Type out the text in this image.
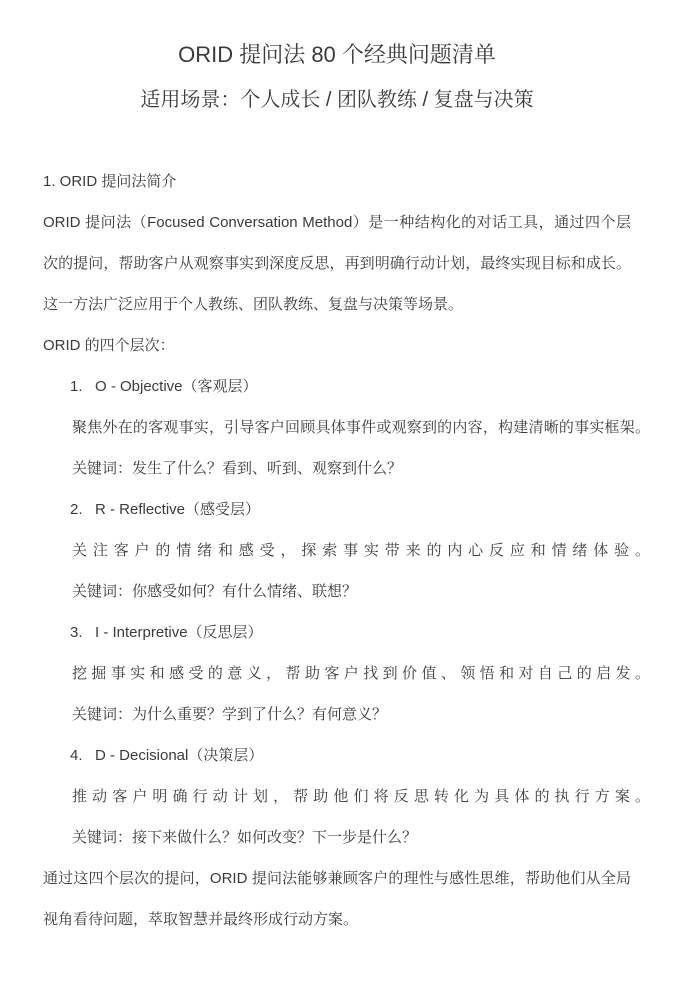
ORID 提问法 80 个经典问题清单
适用场景：个人成长 / 团队教练 / 复盘与决策
1. ORID 提问法简介
ORID 提问法（Focused Conversation Method）是一种结构化的对话工具，通过四个层次的提问，帮助客户从观察事实到深度反思，再到明确行动计划，最终实现目标和成长。这一方法广泛应用于个人教练、团队教练、复盘与决策等场景。
ORID 的四个层次：
1. O - Objective（客观层）
聚焦外在的客观事实，引导客户回顾具体事件或观察到的内容，构建清晰的事实框架。
关键词：发生了什么？看到、听到、观察到什么？
2. R - Reflective（感受层）
关注客户的情绪和感受，探索事实带来的内心反应和情绪体验。
关键词：你感受如何？有什么情绪、联想？
3. I - Interpretive（反思层）
挖掘事实和感受的意义，帮助客户找到价值、领悟和对自己的启发。
关键词：为什么重要？学到了什么？有何意义？
4. D - Decisional（决策层）
推动客户明确行动计划，帮助他们将反思转化为具体的执行方案。
关键词：接下来做什么？如何改变？下一步是什么？
通过这四个层次的提问，ORID 提问法能够兼顾客户的理性与感性思维，帮助他们从全局视角看待问题，萃取智慧并最终形成行动方案。
